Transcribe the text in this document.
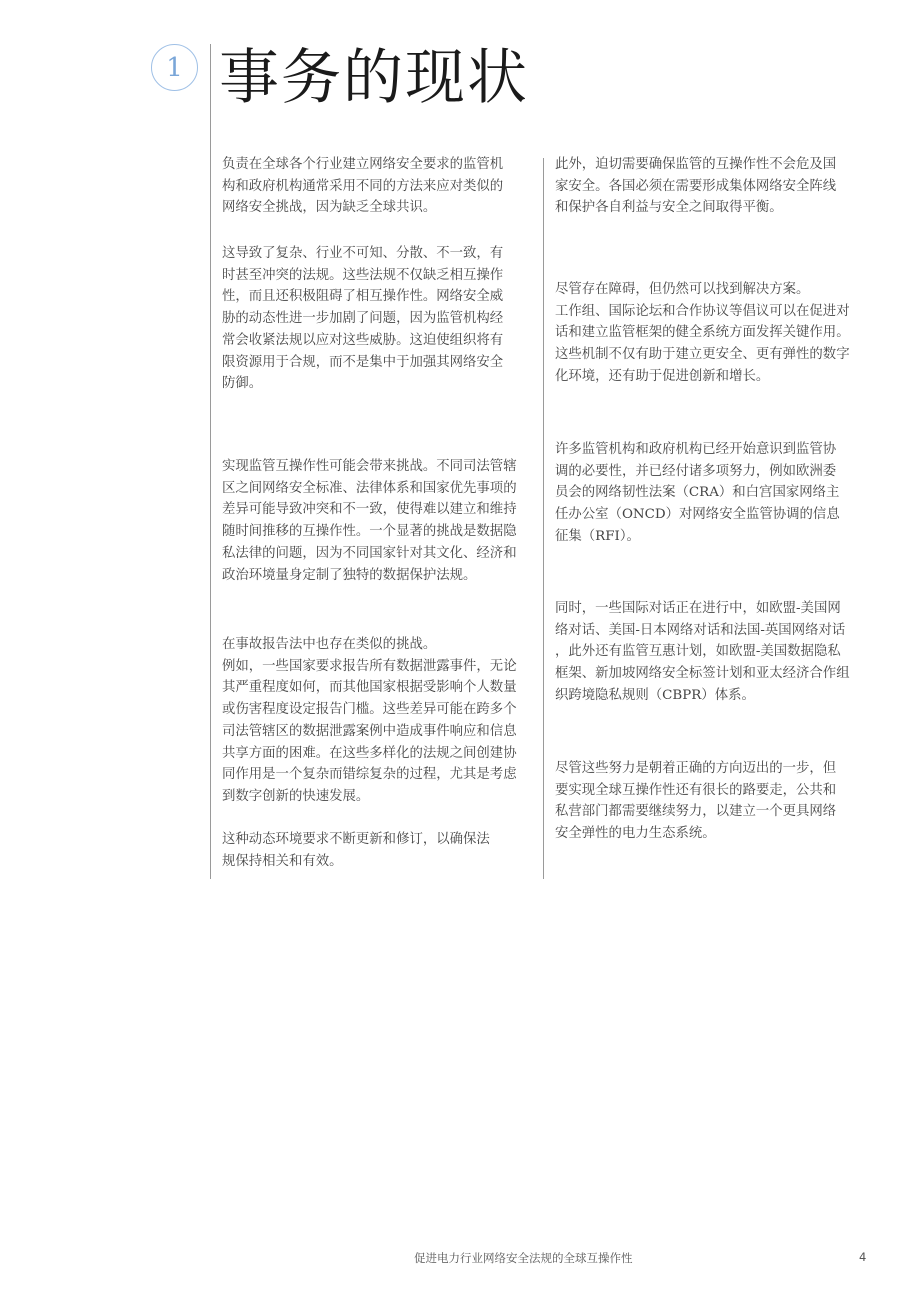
1 事务的现状

负责在全球各个行业建立网络安全要求的监管机
构和政府机构通常采用不同的方法来应对类似的
网络安全挑战，因为缺乏全球共识。

这导致了复杂、行业不可知、分散、不一致，有
时甚至冲突的法规。这些法规不仅缺乏相互操作
性，而且还积极阻碍了相互操作性。网络安全威
胁的动态性进一步加剧了问题，因为监管机构经
常会收紧法规以应对这些威胁。这迫使组织将有
限资源用于合规，而不是集中于加强其网络安全
防御。

实现监管互操作性可能会带来挑战。不同司法管辖
区之间网络安全标准、法律体系和国家优先事项的
差异可能导致冲突和不一致，使得难以建立和维持
随时间推移的互操作性。一个显著的挑战是数据隐
私法律的问题，因为不同国家针对其文化、经济和
政治环境量身定制了独特的数据保护法规。

在事故报告法中也存在类似的挑战。
例如，一些国家要求报告所有数据泄露事件，无论
其严重程度如何，而其他国家根据受影响个人数量
或伤害程度设定报告门槛。这些差异可能在跨多个
司法管辖区的数据泄露案例中造成事件响应和信息
共享方面的困难。在这些多样化的法规之间创建协
同作用是一个复杂而错综复杂的过程，尤其是考虑
到数字创新的快速发展。

这种动态环境要求不断更新和修订，以确保法
规保持相关和有效。

此外，迫切需要确保监管的互操作性不会危及国
家安全。各国必须在需要形成集体网络安全阵线
和保护各自利益与安全之间取得平衡。

尽管存在障碍，但仍然可以找到解决方案。
工作组、国际论坛和合作协议等倡议可以在促进对
话和建立监管框架的健全系统方面发挥关键作用。
这些机制不仅有助于建立更安全、更有弹性的数字
化环境，还有助于促进创新和增长。

许多监管机构和政府机构已经开始意识到监管协
调的必要性，并已经付诸多项努力，例如欧洲委
员会的网络韧性法案（CRA）和白宫国家网络主
任办公室（ONCD）对网络安全监管协调的信息
征集（RFI）。

同时，一些国际对话正在进行中，如欧盟-美国网
络对话、美国-日本网络对话和法国-英国网络对话
，此外还有监管互惠计划，如欧盟-美国数据隐私
框架、新加坡网络安全标签计划和亚太经济合作组
织跨境隐私规则（CBPR）体系。

尽管这些努力是朝着正确的方向迈出的一步，但
要实现全球互操作性还有很长的路要走，公共和
私营部门都需要继续努力，以建立一个更具网络
安全弹性的电力生态系统。

促进电力行业网络安全法规的全球互操作性	4
